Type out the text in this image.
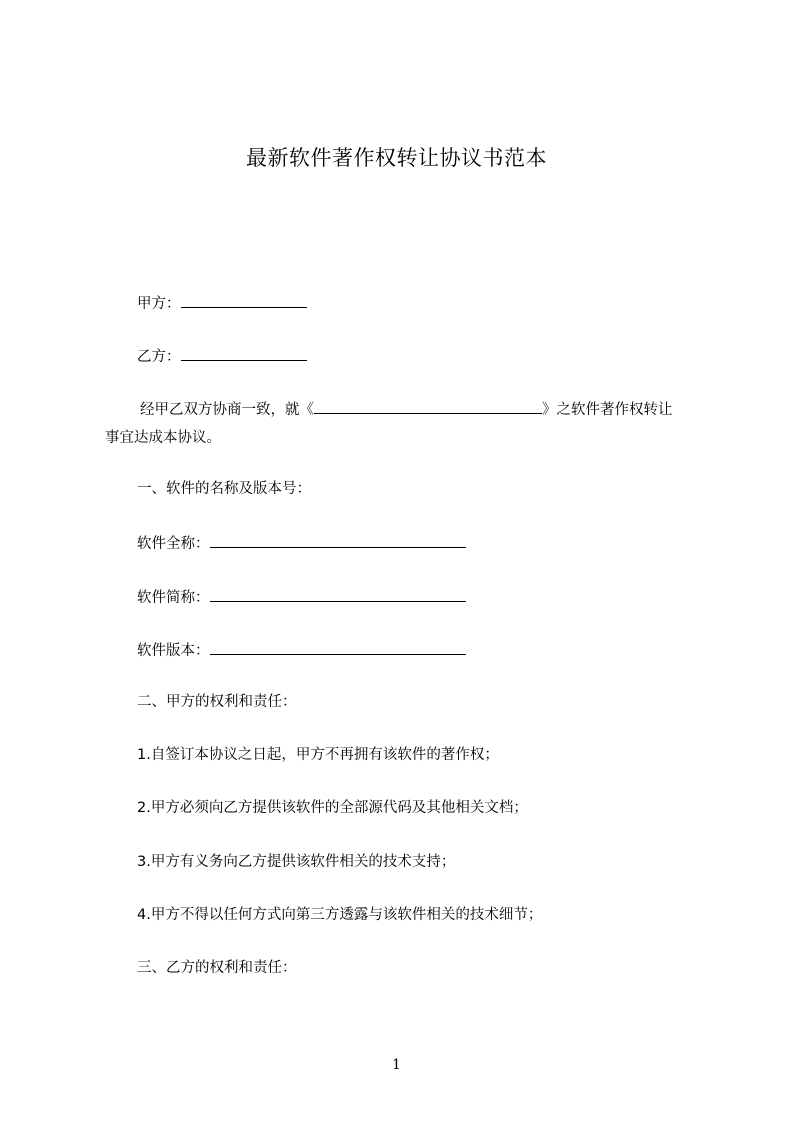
最新软件著作权转让协议书范本
甲方：
乙方：
经甲乙双方协商一致，就《	》之软件著作权转让
事宜达成本协议。
一、软件的名称及版本号：
软件全称：
软件简称：
软件版本：
二、甲方的权利和责任：
1.自签订本协议之日起，甲方不再拥有该软件的著作权；
2.甲方必须向乙方提供该软件的全部源代码及其他相关文档；
3.甲方有义务向乙方提供该软件相关的技术支持；
4.甲方不得以任何方式向第三方透露与该软件相关的技术细节；
三、乙方的权利和责任：
1
